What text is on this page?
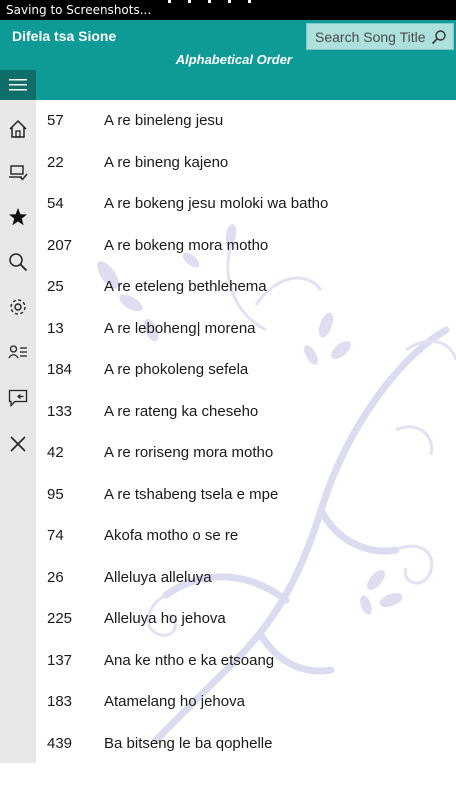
Saving to Screenshots...
Difela tsa Sione
Search Song Title
Alphabetical Order
57	A re bineleng jesu
22	A re bineng kajeno
54	A re bokeng jesu moloki wa batho
207 A re bokeng mora motho
25	A re eteleng bethlehema
13	A re leboheng| morena
184 A re phokoleng sefela
133 A re rateng ka cheseho
42	A re roriseng mora motho
95	A re tshabeng tsela e mpe
74	Akofa motho o se re
26	Alleluya alleluya
225 Alleluya ho jehova
137 Ana ke ntho e ka etsoang
183 Atamelang ho jehova
439 Ba bitseng le ba qophelle
